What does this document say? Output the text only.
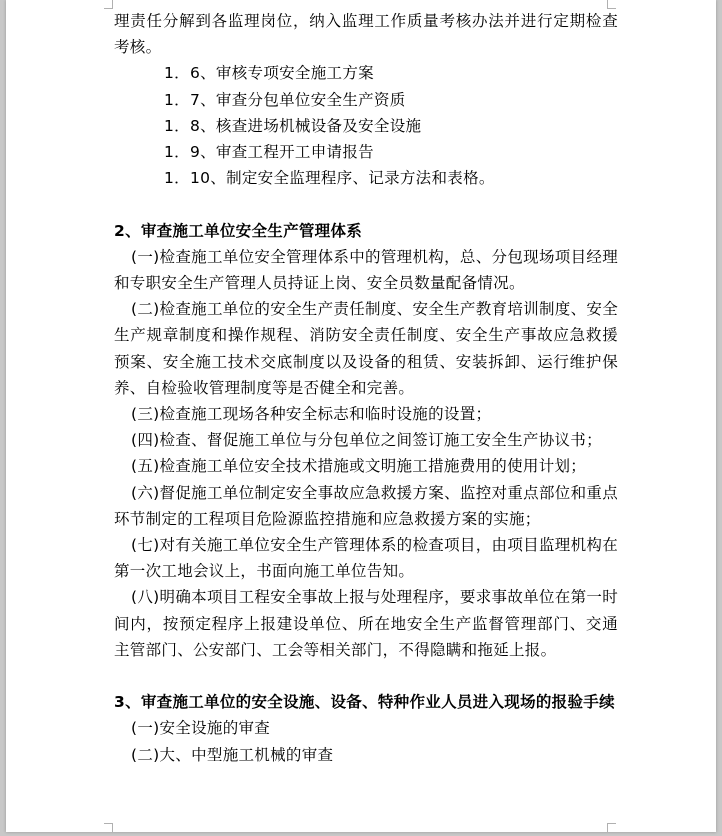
理责任分解到各监理岗位，纳入监理工作质量考核办法并进行定期检查考核。

1．6、审核专项安全施工方案

1．7、审查分包单位安全生产资质

1．8、核查进场机械设备及安全设施

1．9、审查工程开工申请报告

1．10、制定安全监理程序、记录方法和表格。

2、审查施工单位安全生产管理体系

(一)检查施工单位安全管理体系中的管理机构，总、分包现场项目经理和专职安全生产管理人员持证上岗、安全员数量配备情况。

(二)检查施工单位的安全生产责任制度、安全生产教育培训制度、安全生产规章制度和操作规程、消防安全责任制度、安全生产事故应急救援预案、安全施工技术交底制度以及设备的租赁、安装拆卸、运行维护保养、自检验收管理制度等是否健全和完善。

(三)检查施工现场各种安全标志和临时设施的设置；

(四)检查、督促施工单位与分包单位之间签订施工安全生产协议书；

(五)检查施工单位安全技术措施或文明施工措施费用的使用计划；

(六)督促施工单位制定安全事故应急救援方案、监控对重点部位和重点环节制定的工程项目危险源监控措施和应急救援方案的实施；

(七)对有关施工单位安全生产管理体系的检查项目，由项目监理机构在第一次工地会议上，书面向施工单位告知。

(八)明确本项目工程安全事故上报与处理程序，要求事故单位在第一时间内，按预定程序上报建设单位、所在地安全生产监督管理部门、交通主管部门、公安部门、工会等相关部门，不得隐瞒和拖延上报。

3、审查施工单位的安全设施、设备、特种作业人员进入现场的报验手续

(一)安全设施的审查

(二)大、中型施工机械的审查
